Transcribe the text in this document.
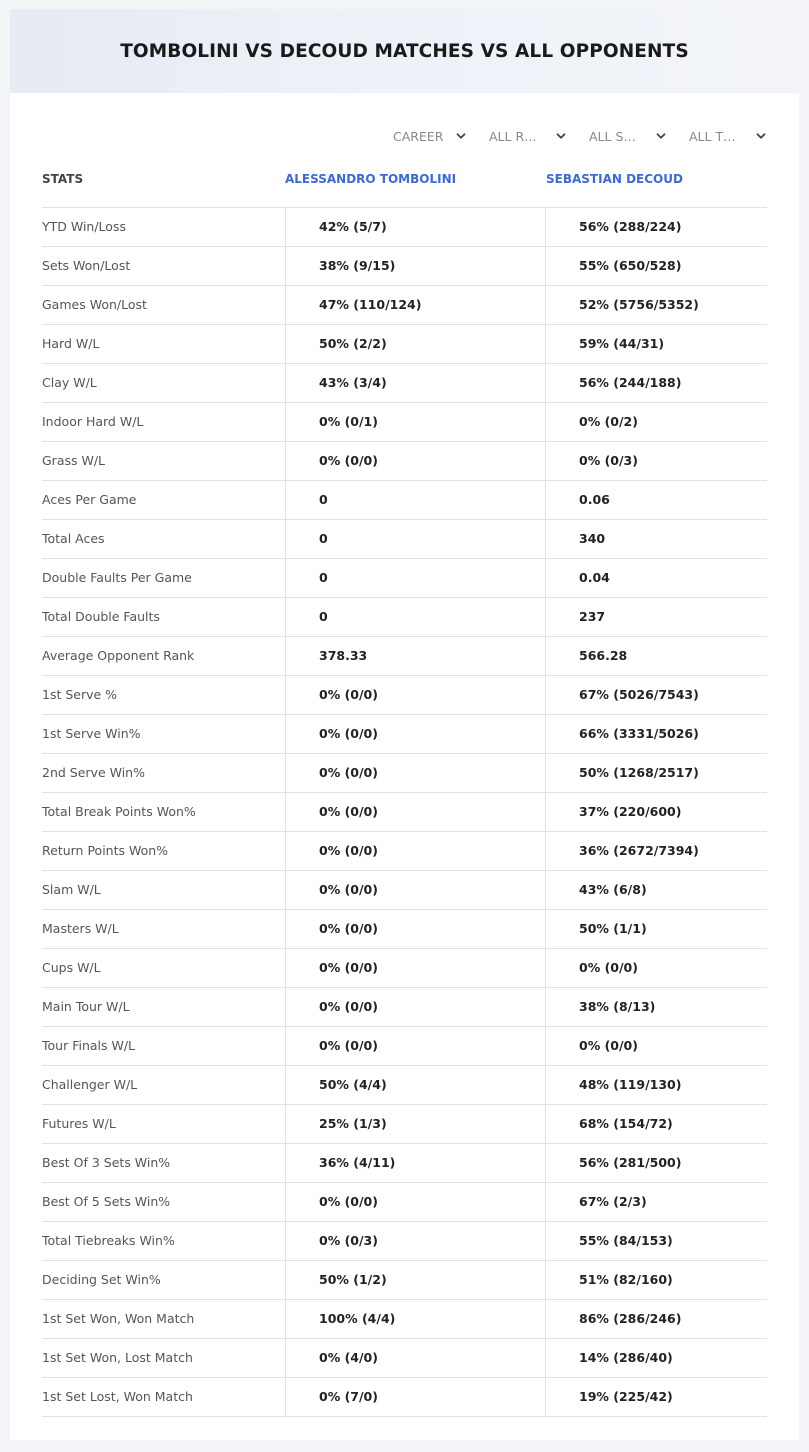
TOMBOLINI VS DECOUD MATCHES VS ALL OPPONENTS
CAREER	ALL R…	ALL S…	ALL T…
STATS	ALESSANDRO TOMBOLINI	SEBASTIAN DECOUD
YTD Win/Loss	42% (5/7)	56% (288/224)
Sets Won/Lost	38% (9/15)	55% (650/528)
Games Won/Lost	47% (110/124)	52% (5756/5352)
Hard W/L	50% (2/2)	59% (44/31)
Clay W/L	43% (3/4)	56% (244/188)
Indoor Hard W/L	0% (0/1)	0% (0/2)
Grass W/L	0% (0/0)	0% (0/3)
Aces Per Game	0	0.06
Total Aces	0	340
Double Faults Per Game	0	0.04
Total Double Faults	0	237
Average Opponent Rank	378.33	566.28
1st Serve %	0% (0/0)	67% (5026/7543)
1st Serve Win%	0% (0/0)	66% (3331/5026)
2nd Serve Win%	0% (0/0)	50% (1268/2517)
Total Break Points Won%	0% (0/0)	37% (220/600)
Return Points Won%	0% (0/0)	36% (2672/7394)
Slam W/L	0% (0/0)	43% (6/8)
Masters W/L	0% (0/0)	50% (1/1)
Cups W/L	0% (0/0)	0% (0/0)
Main Tour W/L	0% (0/0)	38% (8/13)
Tour Finals W/L	0% (0/0)	0% (0/0)
Challenger W/L	50% (4/4)	48% (119/130)
Futures W/L	25% (1/3)	68% (154/72)
Best Of 3 Sets Win%	36% (4/11)	56% (281/500)
Best Of 5 Sets Win%	0% (0/0)	67% (2/3)
Total Tiebreaks Win%	0% (0/3)	55% (84/153)
Deciding Set Win%	50% (1/2)	51% (82/160)
1st Set Won, Won Match	100% (4/4)	86% (286/246)
1st Set Won, Lost Match	0% (4/0)	14% (286/40)
1st Set Lost, Won Match	0% (7/0)	19% (225/42)
